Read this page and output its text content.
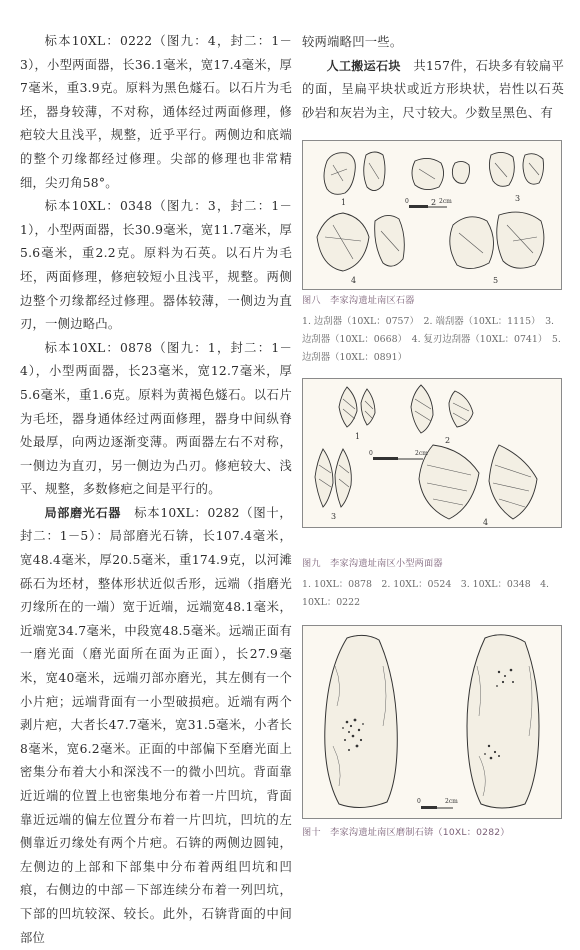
标本10XL：0222（图九：4，封二：1－3），小型两面器，长36.1毫米，宽17.4毫米，厚7毫米，重3.9克。原料为黑色燧石。以石片为毛坯，器身较薄，不对称，通体经过两面修理，修疤较大且浅平，规整，近乎平行。两侧边和底端的整个刃缘都经过修理。尖部的修理也非常精细，尖刃角58°。

标本10XL：0348（图九：3，封二：1－1），小型两面器，长30.9毫米，宽11.7毫米，厚5.6毫米，重2.2克。原料为石英。以石片为毛坯，两面修理，修疤较短小且浅平，规整。两侧边整个刃缘都经过修理。器体较薄，一侧边为直刃，一侧边略凸。

标本10XL：0878（图九：1，封二：1－4），小型两面器，长23毫米，宽12.7毫米，厚5.6毫米，重1.6克。原料为黄褐色燧石。以石片为毛坯，器身通体经过两面修理，器身中间纵脊处最厚，向两边逐渐变薄。两面器左右不对称，一侧边为直刃，另一侧边为凸刃。修疤较大、浅平、规整，多数修疤之间是平行的。

局部磨光石器　标本10XL：0282（图十，封二：1－5）：局部磨光石锛，长107.4毫米，宽48.4毫米，厚20.5毫米，重174.9克，以河滩砾石为坯材，整体形状近似舌形，远端（指磨光刃缘所在的一端）宽于近端，远端宽48.1毫米，近端宽34.7毫米，中段宽48.5毫米。远端正面有一磨光面（磨光面所在面为正面），长27.9毫米，宽40毫米，远端刃部亦磨光，其左侧有一个小片疤；远端背面有一小型破损疤。近端有两个剥片疤，大者长47.7毫米，宽31.5毫米，小者长8毫米，宽6.2毫米。正面的中部偏下至磨光面上密集分布着大小和深浅不一的微小凹坑。背面靠近近端的位置上也密集地分布着一片凹坑，背面靠近远端的偏左位置分布着一片凹坑，凹坑的左侧靠近刃缘处有两个片疤。石锛的两侧边圆钝，左侧边的上部和下部集中分布着两组凹坑和凹痕，右侧边的中部－下部连续分布着一列凹坑，下部的凹坑较深、较长。此外，石锛背面的中间部位

较两端略凹一些。

人工搬运石块　共157件，石块多有较扁平的面，呈扁平块状或近方形块状，岩性以石英砂岩和灰岩为主，尺寸较大。少数呈黑色、有

1	2	3
4	5
0	2cm
图八　李家沟遗址南区石器
1. 边刮器（10XL：0757）　2. 端刮器（10XL：1115）　3. 边刮器（10XL：0668）　4. 复刃边刮器（10XL：0741）　5. 边刮器（10XL：0891）
1	2
3
4
0	2cm
图九　李家沟遗址南区小型两面器
1. 10XL：0878　2. 10XL：0524　3. 10XL：0348　4. 10XL：0222
0	2cm
图十　李家沟遗址南区磨制石锛（10XL：0282）
